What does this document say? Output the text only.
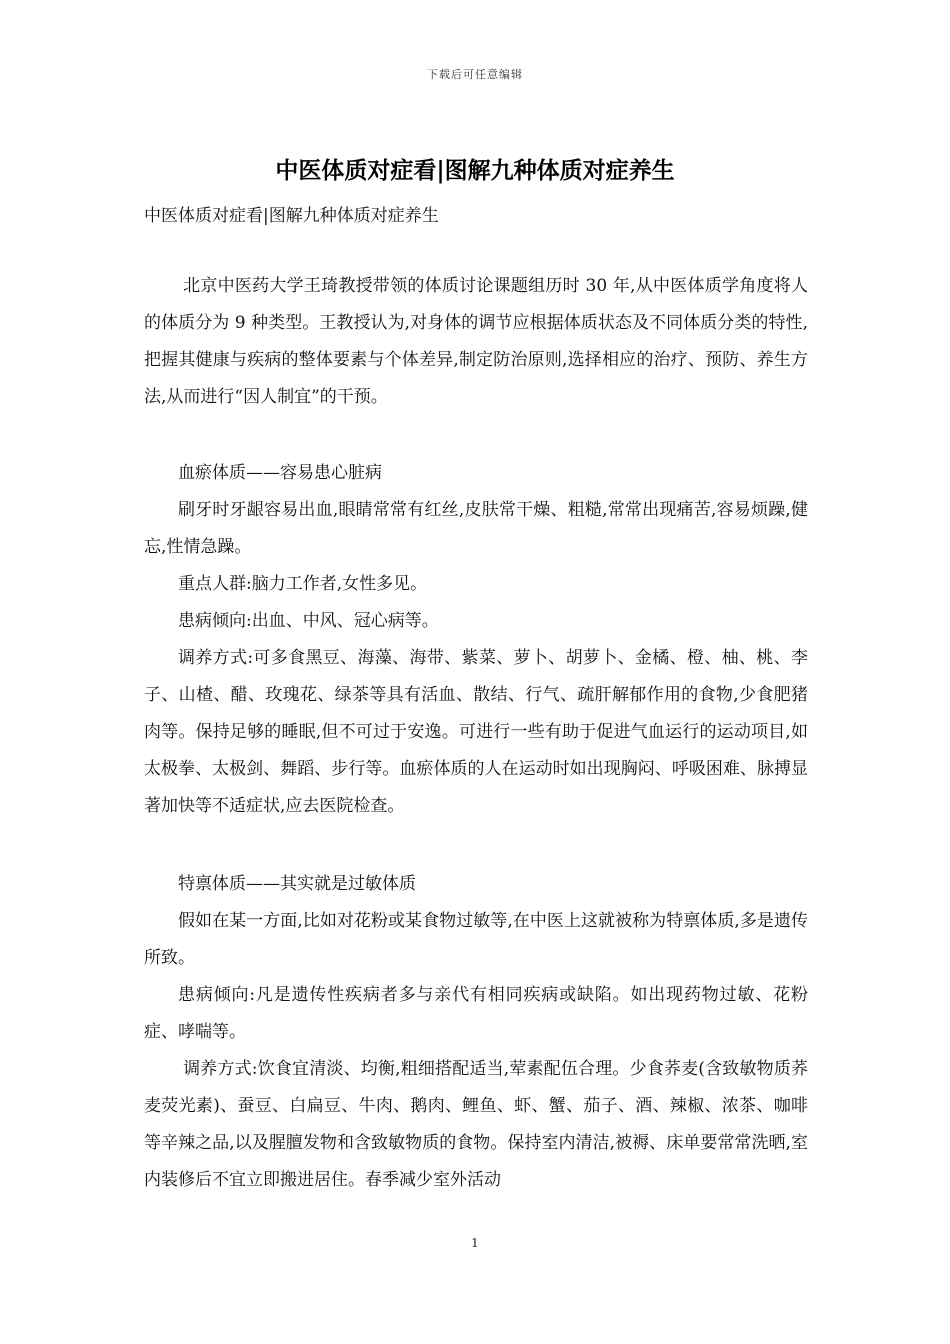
下载后可任意编辑
中医体质对症看|图解九种体质对症养生
中医体质对症看|图解九种体质对症养生

北京中医药大学王琦教授带领的体质讨论课题组历时 30 年,从中医体质学角度将人的体质分为 9 种类型。王教授认为,对身体的调节应根据体质状态及不同体质分类的特性,把握其健康与疾病的整体要素与个体差异,制定防治原则,选择相应的治疗、预防、养生方法,从而进行“因人制宜”的干预。

血瘀体质——容易患心脏病

刷牙时牙龈容易出血,眼睛常常有红丝,皮肤常干燥、粗糙,常常出现痛苦,容易烦躁,健忘,性情急躁。

重点人群:脑力工作者,女性多见。

患病倾向:出血、中风、冠心病等。

调养方式:可多食黑豆、海藻、海带、紫菜、萝卜、胡萝卜、金橘、橙、柚、桃、李子、山楂、醋、玫瑰花、绿茶等具有活血、散结、行气、疏肝解郁作用的食物,少食肥猪肉等。保持足够的睡眠,但不可过于安逸。可进行一些有助于促进气血运行的运动项目,如太极拳、太极剑、舞蹈、步行等。血瘀体质的人在运动时如出现胸闷、呼吸困难、脉搏显著加快等不适症状,应去医院检查。

特禀体质——其实就是过敏体质

假如在某一方面,比如对花粉或某食物过敏等,在中医上这就被称为特禀体质,多是遗传所致。

患病倾向:凡是遗传性疾病者多与亲代有相同疾病或缺陷。如出现药物过敏、花粉症、哮喘等。

调养方式:饮食宜清淡、均衡,粗细搭配适当,荤素配伍合理。少食荞麦(含致敏物质荞麦荧光素)、蚕豆、白扁豆、牛肉、鹅肉、鲤鱼、虾、蟹、茄子、酒、辣椒、浓茶、咖啡等辛辣之品,以及腥膻发物和含致敏物质的食物。保持室内清洁,被褥、床单要常常洗晒,室内装修后不宜立即搬进居住。春季减少室外活动

1
